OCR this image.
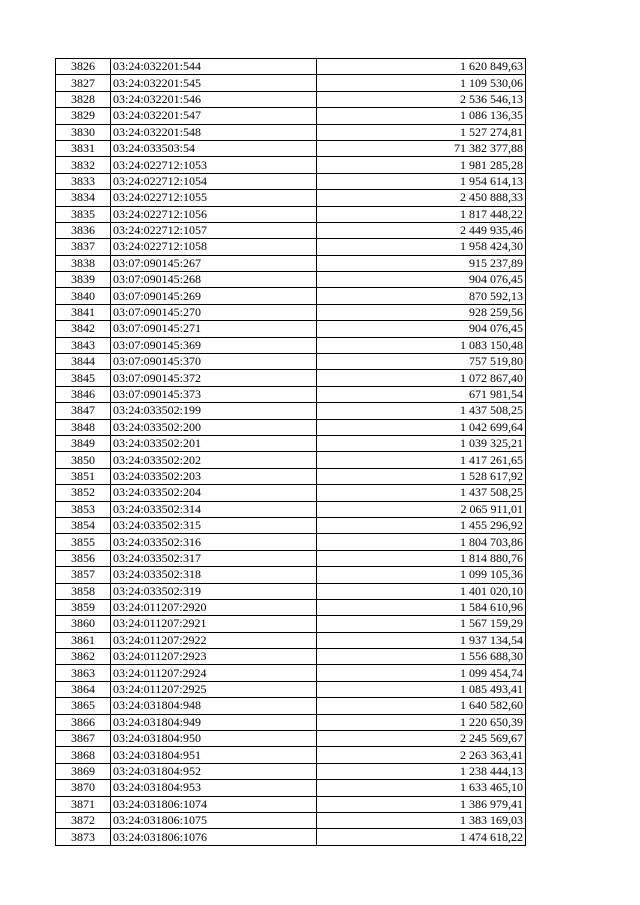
3826	03:24:032201:544	1 620 849,63
3827	03:24:032201:545	1 109 530,06
3828	03:24:032201:546	2 536 546,13
3829	03:24:032201:547	1 086 136,35
3830	03:24:032201:548	1 527 274,81
3831	03:24:033503:54	71 382 377,88
3832	03:24:022712:1053	1 981 285,28
3833	03:24:022712:1054	1 954 614,13
3834	03:24:022712:1055	2 450 888,33
3835	03:24:022712:1056	1 817 448,22
3836	03:24:022712:1057	2 449 935,46
3837	03:24:022712:1058	1 958 424,30
3838	03:07:090145:267	915 237,89
3839	03:07:090145:268	904 076,45
3840	03:07:090145:269	870 592,13
3841	03:07:090145:270	928 259,56
3842	03:07:090145:271	904 076,45
3843	03:07:090145:369	1 083 150,48
3844	03:07:090145:370	757 519,80
3845	03:07:090145:372	1 072 867,40
3846	03:07:090145:373	671 981,54
3847	03:24:033502:199	1 437 508,25
3848	03:24:033502:200	1 042 699,64
3849	03:24:033502:201	1 039 325,21
3850	03:24:033502:202	1 417 261,65
3851	03:24:033502:203	1 528 617,92
3852	03:24:033502:204	1 437 508,25
3853	03:24:033502:314	2 065 911,01
3854	03:24:033502:315	1 455 296,92
3855	03:24:033502:316	1 804 703,86
3856	03:24:033502:317	1 814 880,76
3857	03:24:033502:318	1 099 105,36
3858	03:24:033502:319	1 401 020,10
3859	03:24:011207:2920	1 584 610,96
3860	03:24:011207:2921	1 567 159,29
3861	03:24:011207:2922	1 937 134,54
3862	03:24:011207:2923	1 556 688,30
3863	03:24:011207:2924	1 099 454,74
3864	03:24:011207:2925	1 085 493,41
3865	03:24:031804:948	1 640 582,60
3866	03:24:031804:949	1 220 650,39
3867	03:24:031804:950	2 245 569,67
3868	03:24:031804:951	2 263 363,41
3869	03:24:031804:952	1 238 444,13
3870	03:24:031804:953	1 633 465,10
3871	03:24:031806:1074	1 386 979,41
3872	03:24:031806:1075	1 383 169,03
3873	03:24:031806:1076	1 474 618,22
